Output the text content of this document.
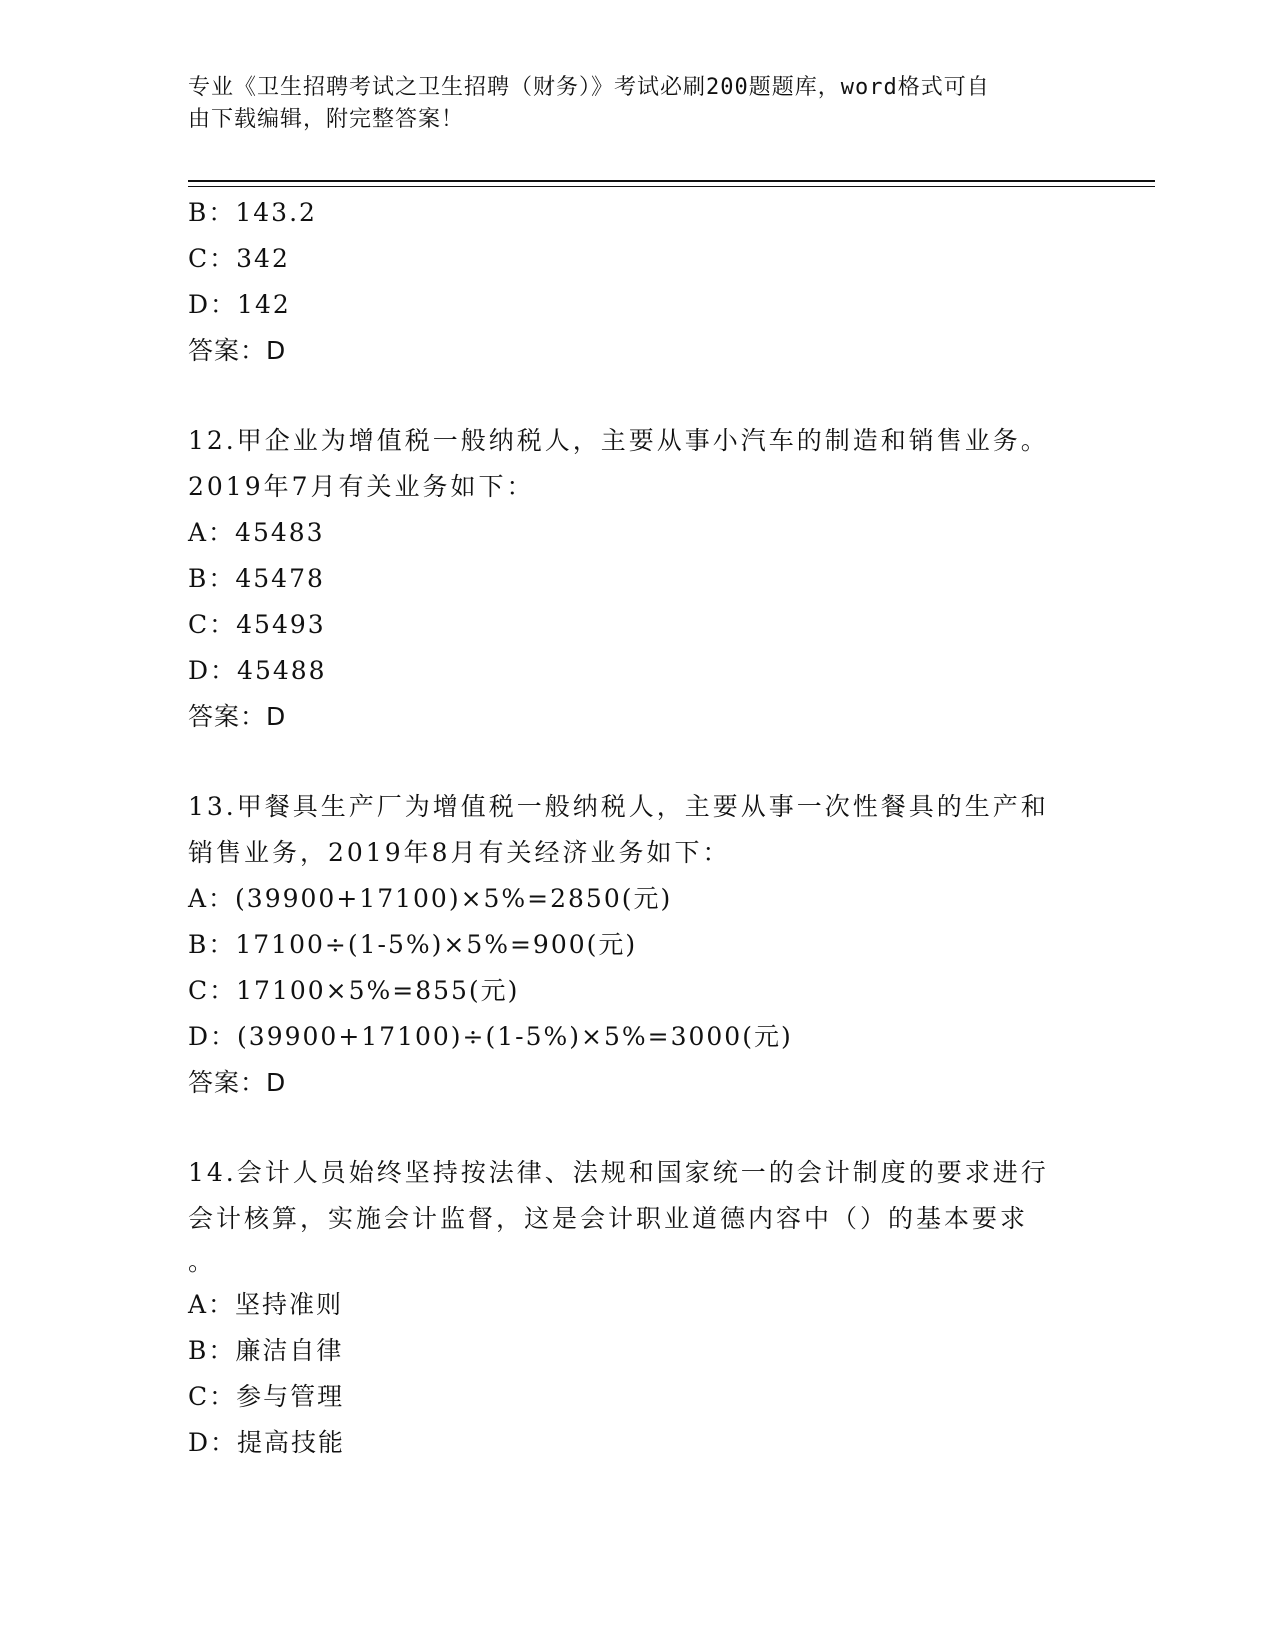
专业《卫生招聘考试之卫生招聘（财务）》考试必刷200题题库，word格式可自
由下载编辑，附完整答案！
B：143.2
C：342
D：142
答案：D
12.甲企业为增值税一般纳税人，主要从事小汽车的制造和销售业务。
2019年7月有关业务如下：
A：45483
B：45478
C：45493
D：45488
答案：D
13.甲餐具生产厂为增值税一般纳税人，主要从事一次性餐具的生产和
销售业务，2019年8月有关经济业务如下：
A：(39900+17100)×5%=2850(元)
B：17100÷(1-5%)×5%=900(元)
C：17100×5%=855(元)
D：(39900+17100)÷(1-5%)×5%=3000(元)
答案：D
14.会计人员始终坚持按法律、法规和国家统一的会计制度的要求进行
会计核算，实施会计监督，这是会计职业道德内容中（）的基本要求
。
A：坚持准则
B：廉洁自律
C：参与管理
D：提高技能
